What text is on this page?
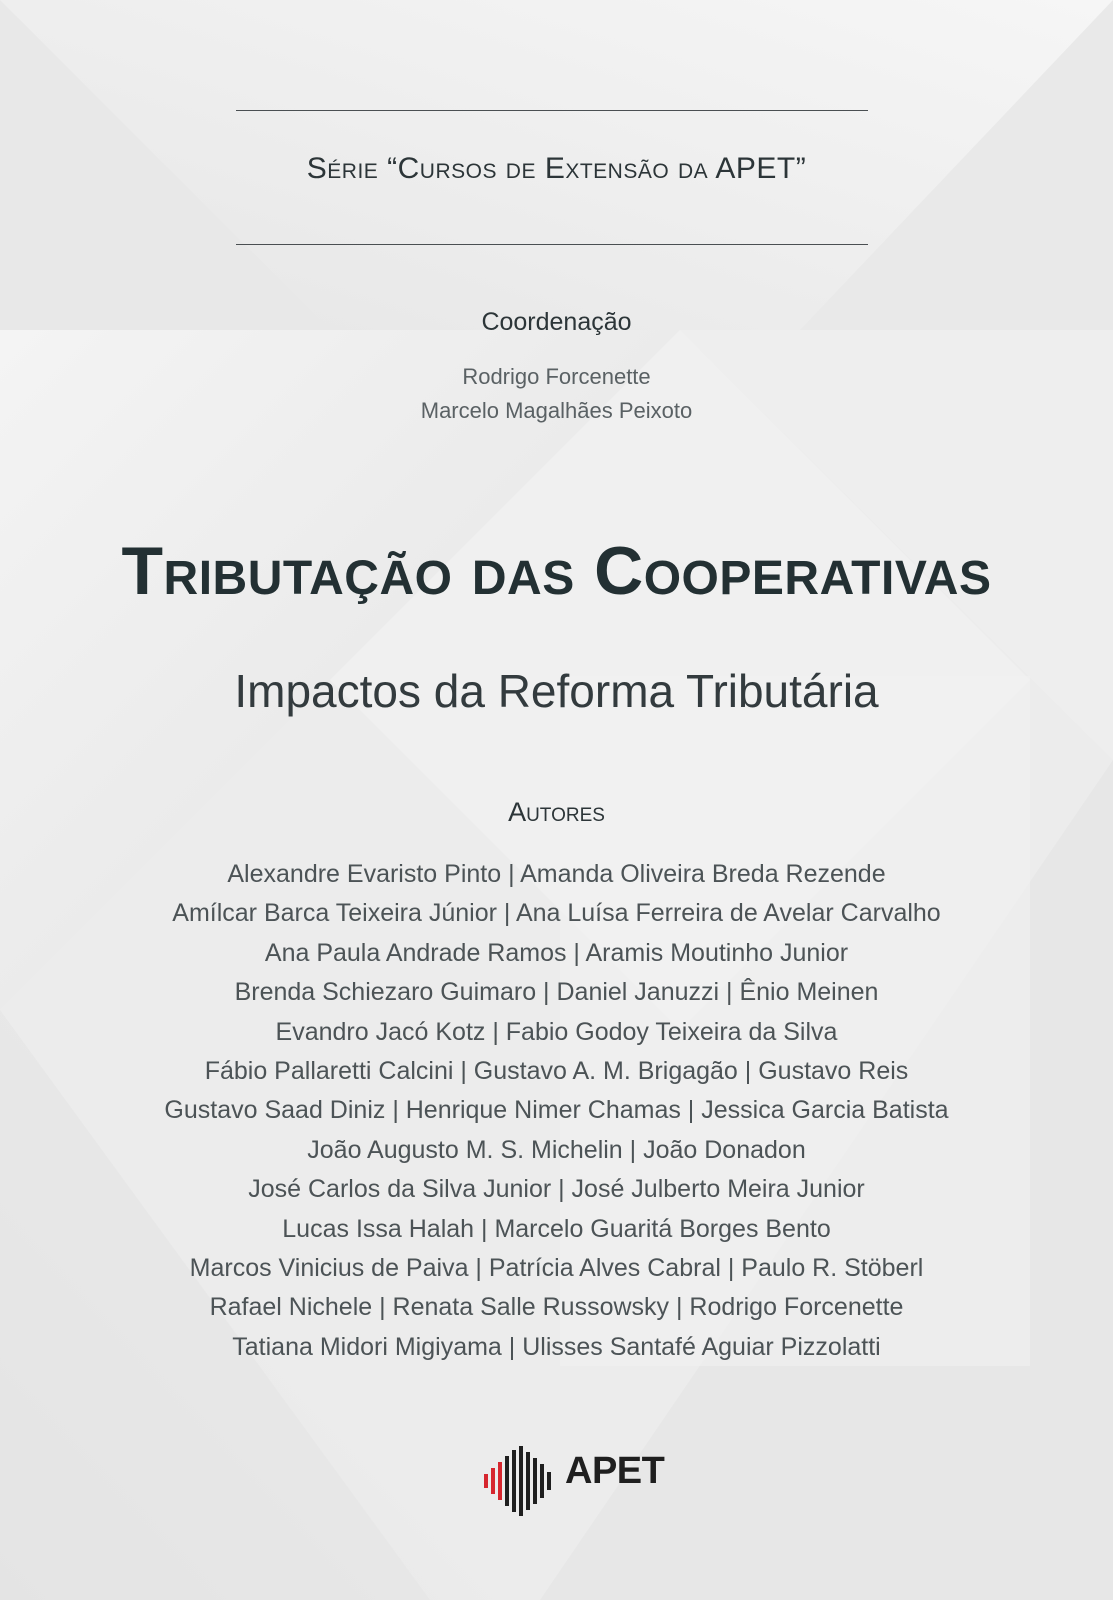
Série “Cursos de Extensão da APET”
Coordenação
Rodrigo Forcenette
Marcelo Magalhães Peixoto
Tributação das Cooperativas
Impactos da Reforma Tributária
Autores
Alexandre Evaristo Pinto | Amanda Oliveira Breda Rezende
Amílcar Barca Teixeira Júnior | Ana Luísa Ferreira de Avelar Carvalho
Ana Paula Andrade Ramos | Aramis Moutinho Junior
Brenda Schiezaro Guimaro | Daniel Januzzi | Ênio Meinen
Evandro Jacó Kotz | Fabio Godoy Teixeira da Silva
Fábio Pallaretti Calcini | Gustavo A. M. Brigagão | Gustavo Reis
Gustavo Saad Diniz | Henrique Nimer Chamas | Jessica Garcia Batista
João Augusto M. S. Michelin | João Donadon
José Carlos da Silva Junior | José Julberto Meira Junior
Lucas Issa Halah | Marcelo Guaritá Borges Bento
Marcos Vinicius de Paiva | Patrícia Alves Cabral | Paulo R. Stöberl
Rafael Nichele | Renata Salle Russowsky | Rodrigo Forcenette
Tatiana Midori Migiyama | Ulisses Santafé Aguiar Pizzolatti
APET
